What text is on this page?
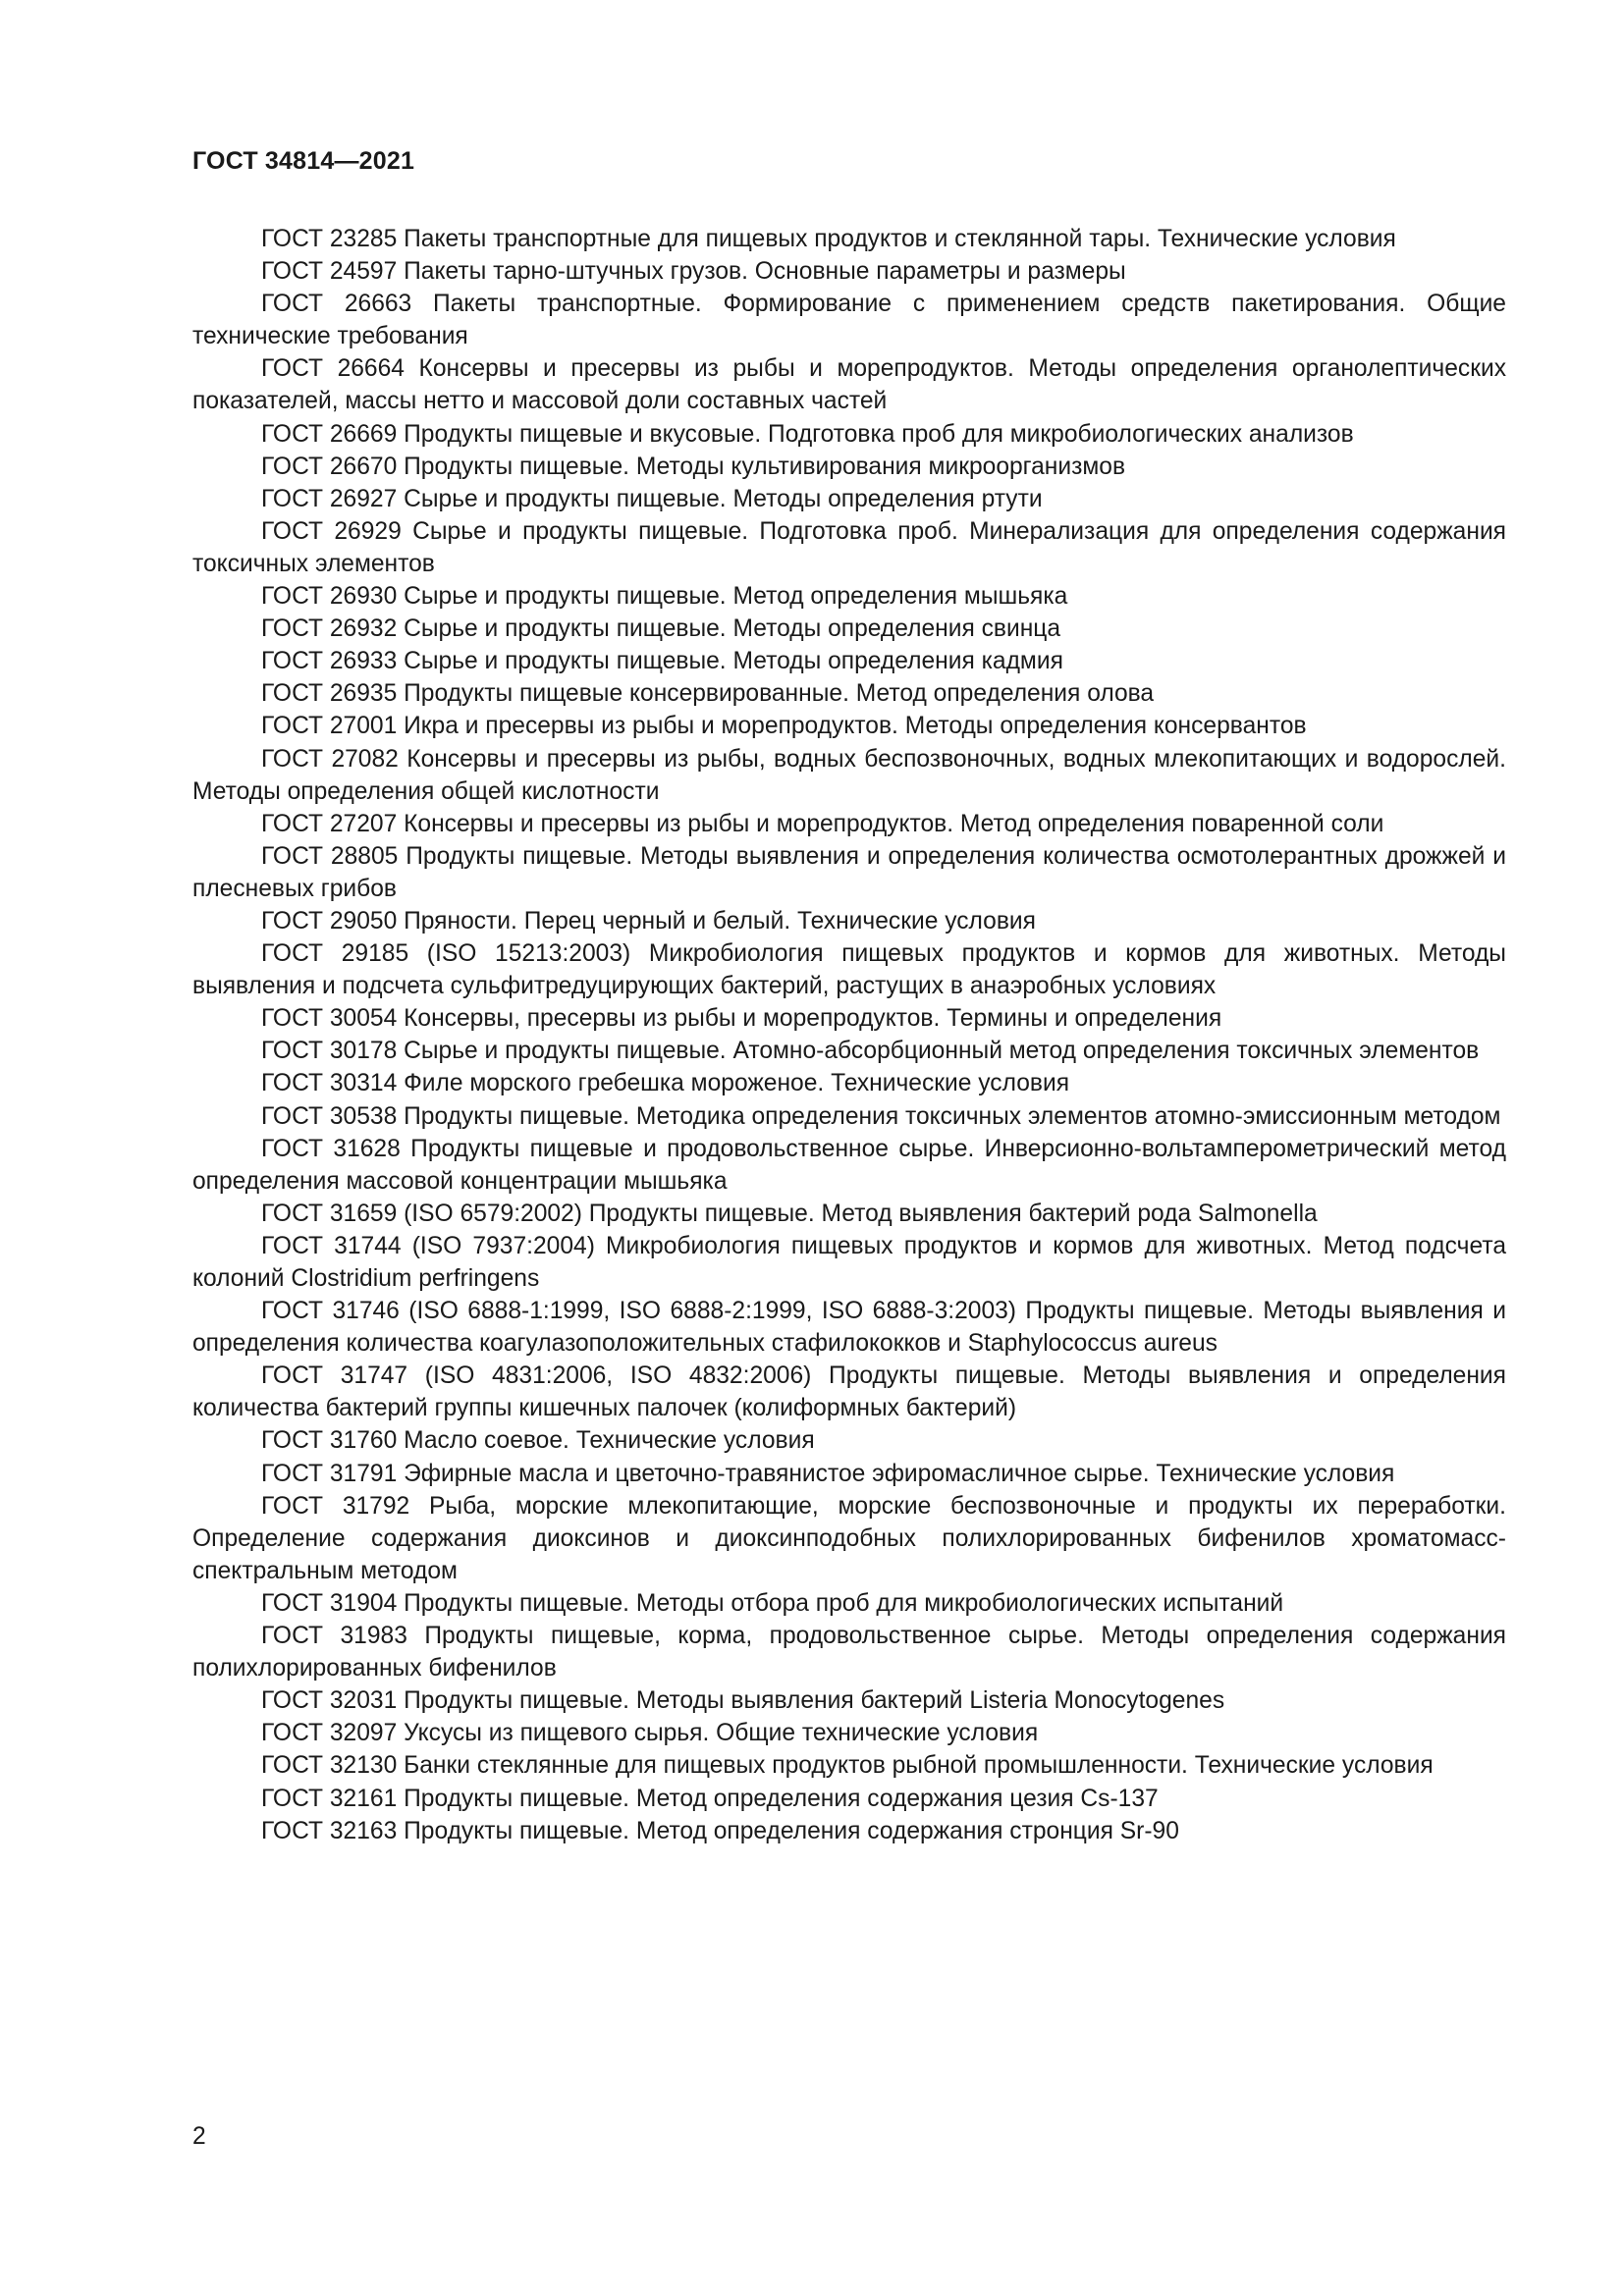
ГОСТ 34814—2021

ГОСТ 23285 Пакеты транспортные для пищевых продуктов и стеклянной тары. Технические условия

ГОСТ 24597 Пакеты тарно-штучных грузов. Основные параметры и размеры

ГОСТ 26663 Пакеты транспортные. Формирование с применением средств пакетирования. Общие технические требования

ГОСТ 26664 Консервы и пресервы из рыбы и морепродуктов. Методы определения органолептических показателей, массы нетто и массовой доли составных частей

ГОСТ 26669 Продукты пищевые и вкусовые. Подготовка проб для микробиологических анализов

ГОСТ 26670 Продукты пищевые. Методы культивирования микроорганизмов

ГОСТ 26927 Сырье и продукты пищевые. Методы определения ртути

ГОСТ 26929 Сырье и продукты пищевые. Подготовка проб. Минерализация для определения содержания токсичных элементов

ГОСТ 26930 Сырье и продукты пищевые. Метод определения мышьяка

ГОСТ 26932 Сырье и продукты пищевые. Методы определения свинца

ГОСТ 26933 Сырье и продукты пищевые. Методы определения кадмия

ГОСТ 26935 Продукты пищевые консервированные. Метод определения олова

ГОСТ 27001 Икра и пресервы из рыбы и морепродуктов. Методы определения консервантов

ГОСТ 27082 Консервы и пресервы из рыбы, водных беспозвоночных, водных млекопитающих и водорослей. Методы определения общей кислотности

ГОСТ 27207 Консервы и пресервы из рыбы и морепродуктов. Метод определения поваренной соли

ГОСТ 28805 Продукты пищевые. Методы выявления и определения количества осмотолерантных дрожжей и плесневых грибов

ГОСТ 29050 Пряности. Перец черный и белый. Технические условия

ГОСТ 29185 (ISO 15213:2003) Микробиология пищевых продуктов и кормов для животных. Методы выявления и подсчета сульфитредуцирующих бактерий, растущих в анаэробных условиях

ГОСТ 30054 Консервы, пресервы из рыбы и морепродуктов. Термины и определения

ГОСТ 30178 Сырье и продукты пищевые. Атомно-абсорбционный метод определения токсичных элементов

ГОСТ 30314 Филе морского гребешка мороженое. Технические условия

ГОСТ 30538 Продукты пищевые. Методика определения токсичных элементов атомно-эмиссионным методом

ГОСТ 31628 Продукты пищевые и продовольственное сырье. Инверсионно-вольтамперометрический метод определения массовой концентрации мышьяка

ГОСТ 31659 (ISO 6579:2002) Продукты пищевые. Метод выявления бактерий рода Salmonella

ГОСТ 31744 (ISO 7937:2004) Микробиология пищевых продуктов и кормов для животных. Метод подсчета колоний Clostridium perfringens

ГОСТ 31746 (ISO 6888-1:1999, ISO 6888-2:1999, ISO 6888-3:2003) Продукты пищевые. Методы выявления и определения количества коагулазоположительных стафилококков и Staphylococcus aureus

ГОСТ 31747 (ISO 4831:2006, ISO 4832:2006) Продукты пищевые. Методы выявления и определения количества бактерий группы кишечных палочек (колиформных бактерий)

ГОСТ 31760 Масло соевое. Технические условия

ГОСТ 31791 Эфирные масла и цветочно-травянистое эфиромасличное сырье. Технические условия

ГОСТ 31792 Рыба, морские млекопитающие, морские беспозвоночные и продукты их переработки. Определение содержания диоксинов и диоксинподобных полихлорированных бифенилов хроматомасс-спектральным методом

ГОСТ 31904 Продукты пищевые. Методы отбора проб для микробиологических испытаний

ГОСТ 31983 Продукты пищевые, корма, продовольственное сырье. Методы определения содержания полихлорированных бифенилов

ГОСТ 32031 Продукты пищевые. Методы выявления бактерий Listeria Monocytogenes

ГОСТ 32097 Уксусы из пищевого сырья. Общие технические условия

ГОСТ 32130 Банки стеклянные для пищевых продуктов рыбной промышленности. Технические условия

ГОСТ 32161 Продукты пищевые. Метод определения содержания цезия Cs-137

ГОСТ 32163 Продукты пищевые. Метод определения содержания стронция Sr-90

2
